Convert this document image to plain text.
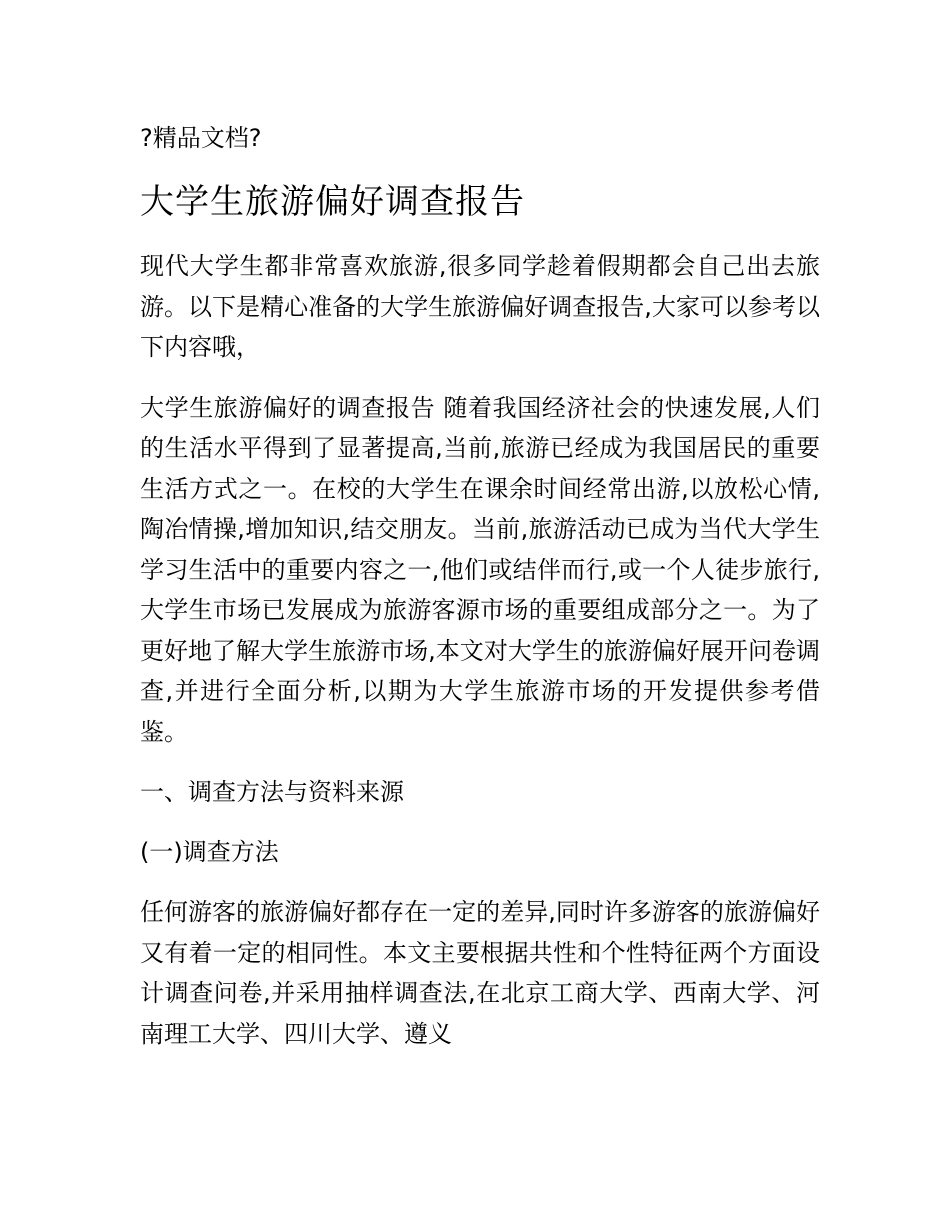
?精品文档?
大学生旅游偏好调查报告

现代大学生都非常喜欢旅游,很多同学趁着假期都会自己出去旅游。以下是精心准备的大学生旅游偏好调查报告,大家可以参考以下内容哦，

大学生旅游偏好的调查报告 随着我国经济社会的快速发展,人们的生活水平得到了显著提高,当前,旅游已经成为我国居民的重要生活方式之一。在校的大学生在课余时间经常出游,以放松心情,陶冶情操,增加知识,结交朋友。当前,旅游活动已成为当代大学生学习生活中的重要内容之一,他们或结伴而行,或一个人徒步旅行,大学生市场已发展成为旅游客源市场的重要组成部分之一。为了更好地了解大学生旅游市场,本文对大学生的旅游偏好展开问卷调查,并进行全面分析,以期为大学生旅游市场的开发提供参考借鉴。

一、调查方法与资料来源
(一)调查方法

任何游客的旅游偏好都存在一定的差异,同时许多游客的旅游偏好又有着一定的相同性。本文主要根据共性和个性特征两个方面设计调查问卷,并采用抽样调查法,在北京工商大学、西南大学、河南理工大学、四川大学、遵义
